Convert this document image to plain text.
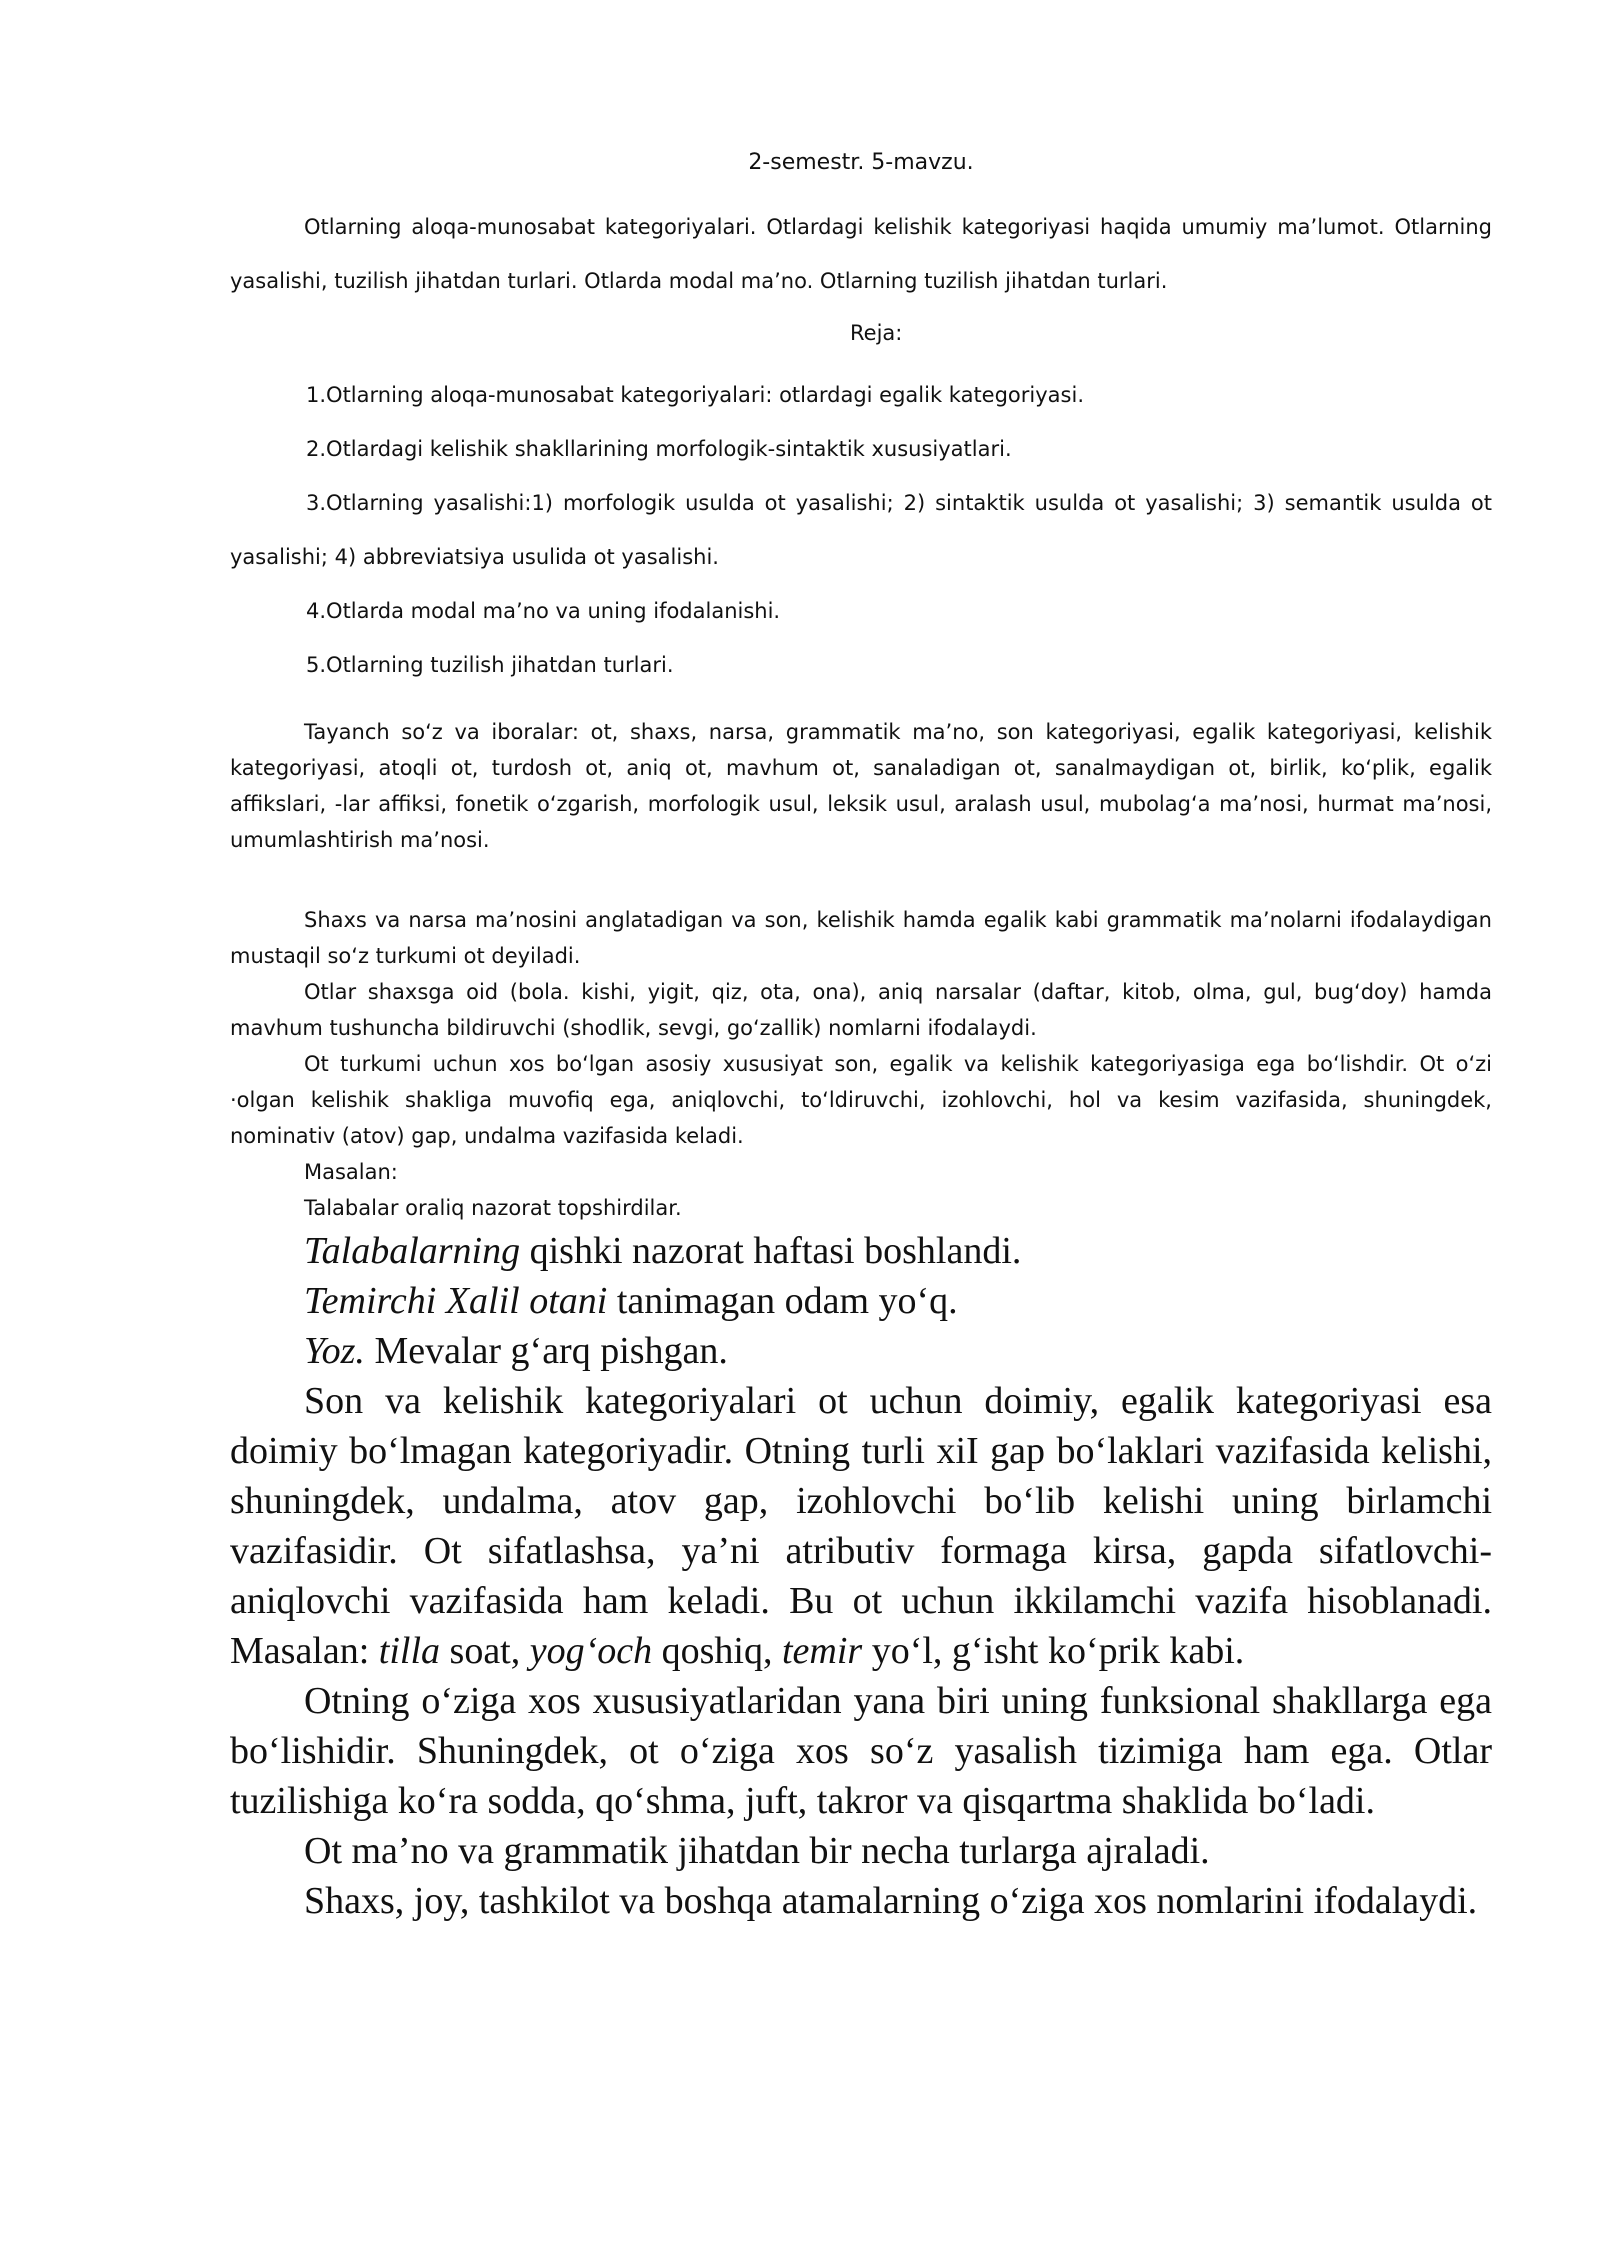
2-semestr. 5-mavzu.

Otlarning aloqa-munosabat kategoriyalari. Otlardagi kelishik kategoriyasi haqida umumiy ma’lumot. Otlarning yasalishi, tuzilish jihatdan turlari. Otlarda modal ma’no. Otlarning tuzilish jihatdan turlari.

Reja:

1.Otlarning aloqa-munosabat kategoriyalari: otlardagi egalik kategoriyasi.

2.Otlardagi kelishik shakllarining morfologik-sintaktik xususiyatlari.

3.Otlarning yasalishi:1) morfologik usulda ot yasalishi; 2) sintaktik usulda ot yasalishi; 3) semantik usulda ot yasalishi; 4) abbreviatsiya usulida ot yasalishi.

4.Otlarda modal ma’no va uning ifodalanishi.

5.Otlarning tuzilish jihatdan turlari.

Tayanch so‘z va iboralar: ot, shaxs, narsa, grammatik ma’no, son kategoriyasi, egalik kategoriyasi, kelishik kategoriyasi, atoqli ot, turdosh ot, aniq ot, mavhum ot, sanaladigan ot, sanalmaydigan ot, birlik, ko‘plik, egalik affikslari, -lar affiksi, fonetik o‘zgarish, morfologik usul, leksik usul, aralash usul, mubolag‘a ma’nosi, hurmat ma’nosi, umumlashtirish ma’nosi.

Shaxs va narsa ma’nosini anglatadigan va son, kelishik hamda egalik kabi grammatik ma’nolarni ifodalaydigan mustaqil so‘z turkumi ot deyiladi.

Otlar shaxsga oid (bola. kishi, yigit, qiz, ota, ona), aniq narsalar (daftar, kitob, olma, gul, bug‘doy) hamda mavhum tushuncha bildiruvchi (shodlik, sevgi, go‘zallik) nomlarni ifodalaydi.

Ot turkumi uchun xos bo‘lgan asosiy xususiyat son, egalik va kelishik kategoriyasiga ega bo‘lishdir. Ot o‘zi ·olgan kelishik shakliga muvofiq ega, aniqlovchi, to‘ldiruvchi, izohlovchi, hol va kesim vazifasida, shuningdek, nominativ (atov) gap, undalma vazifasida keladi.

Masalan:

Talabalar oraliq nazorat topshirdilar.

Talabalarning qishki nazorat haftasi boshlandi.

Temirchi Xalil otani tanimagan odam yo‘q.

Yoz. Mevalar g‘arq pishgan.

Son va kelishik kategoriyalari ot uchun doimiy, egalik kategoriyasi esa doimiy bo‘lmagan kategoriyadir. Otning turli xiI gap bo‘laklari vazifasida kelishi, shuningdek, undalma, atov gap, izohlovchi bo‘lib kelishi uning birlamchi vazifasidir. Ot sifatlashsa, ya’ni atributiv formaga kirsa, gapda sifatlovchi-aniqlovchi vazifasida ham keladi. Bu ot uchun ikkilamchi vazifa hisoblanadi. Masalan: tilla soat, yog‘och qoshiq, temir yo‘l, g‘isht ko‘prik kabi.

Otning o‘ziga xos xususiyatlaridan yana biri uning funksional shakllarga ega bo‘lishidir. Shuningdek, ot o‘ziga xos so‘z yasalish tizimiga ham ega. Otlar tuzilishiga ko‘ra sodda, qo‘shma, juft, takror va qisqartma shaklida bo‘ladi.

Ot ma’no va grammatik jihatdan bir necha turlarga ajraladi.

Shaxs, joy, tashkilot va boshqa atamalarning o‘ziga xos nomlarini ifodalaydi.
